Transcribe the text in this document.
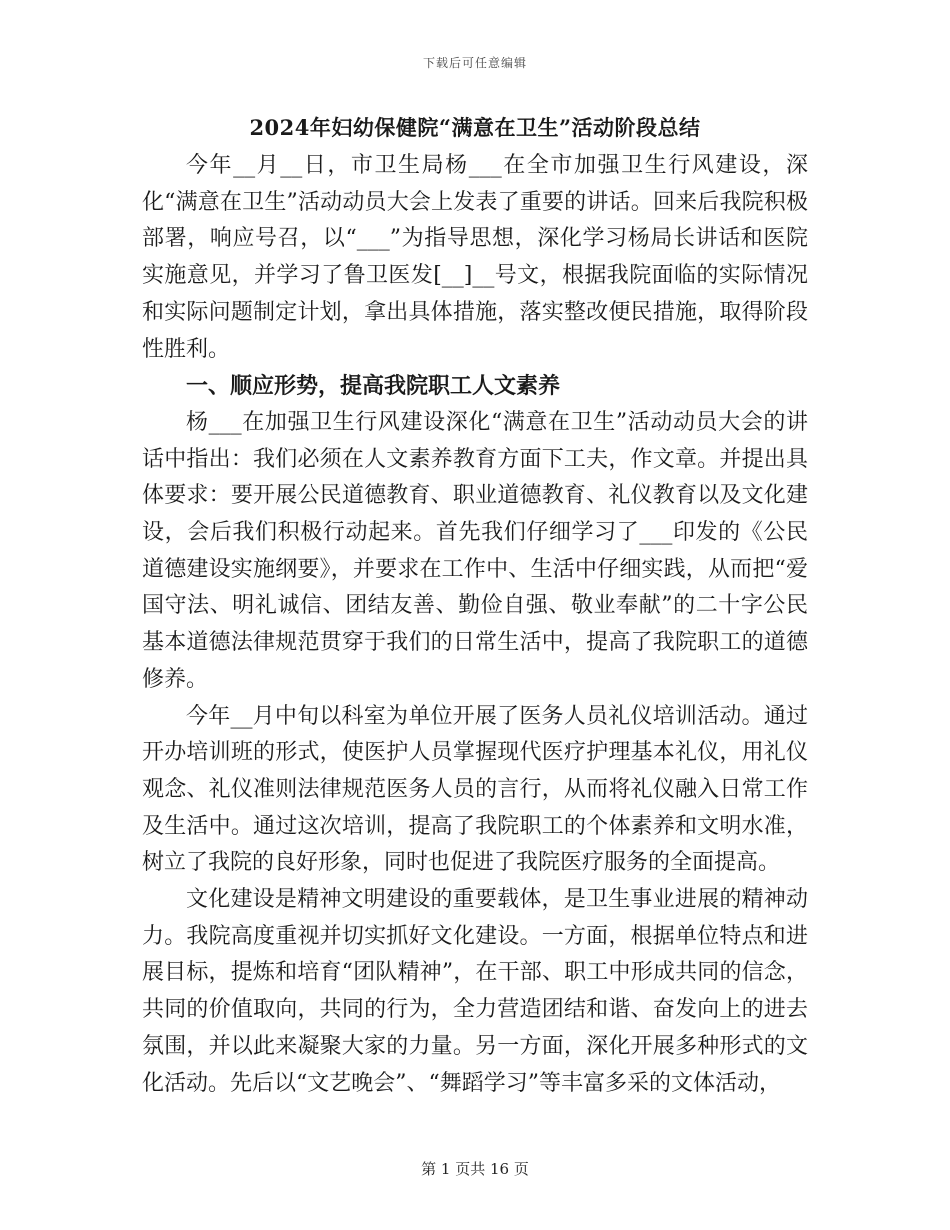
下载后可任意编辑
2024年妇幼保健院“满意在卫生”活动阶段总结

今年__月__日，市卫生局杨___在全市加强卫生行风建设，深化“满意在卫生”活动动员大会上发表了重要的讲话。回来后我院积极部署，响应号召，以“___”为指导思想，深化学习杨局长讲话和医院实施意见，并学习了鲁卫医发[__]__号文，根据我院面临的实际情况和实际问题制定计划，拿出具体措施，落实整改便民措施，取得阶段性胜利。

一、顺应形势，提高我院职工人文素养

杨___在加强卫生行风建设深化“满意在卫生”活动动员大会的讲话中指出：我们必须在人文素养教育方面下工夫，作文章。并提出具体要求：要开展公民道德教育、职业道德教育、礼仪教育以及文化建设，会后我们积极行动起来。首先我们仔细学习了___印发的《公民道德建设实施纲要》，并要求在工作中、生活中仔细实践，从而把“爱国守法、明礼诚信、团结友善、勤俭自强、敬业奉献”的二十字公民基本道德法律规范贯穿于我们的日常生活中，提高了我院职工的道德修养。

今年__月中旬以科室为单位开展了医务人员礼仪培训活动。通过开办培训班的形式，使医护人员掌握现代医疗护理基本礼仪，用礼仪观念、礼仪准则法律规范医务人员的言行，从而将礼仪融入日常工作及生活中。通过这次培训，提高了我院职工的个体素养和文明水准，树立了我院的良好形象，同时也促进了我院医疗服务的全面提高。

文化建设是精神文明建设的重要载体，是卫生事业进展的精神动力。我院高度重视并切实抓好文化建设。一方面，根据单位特点和进展目标，提炼和培育“团队精神”，在干部、职工中形成共同的信念，共同的价值取向，共同的行为，全力营造团结和谐、奋发向上的进去氛围，并以此来凝聚大家的力量。另一方面，深化开展多种形式的文化活动。先后以“文艺晚会”、“舞蹈学习”等丰富多采的文体活动，

第 1 页共 16 页
